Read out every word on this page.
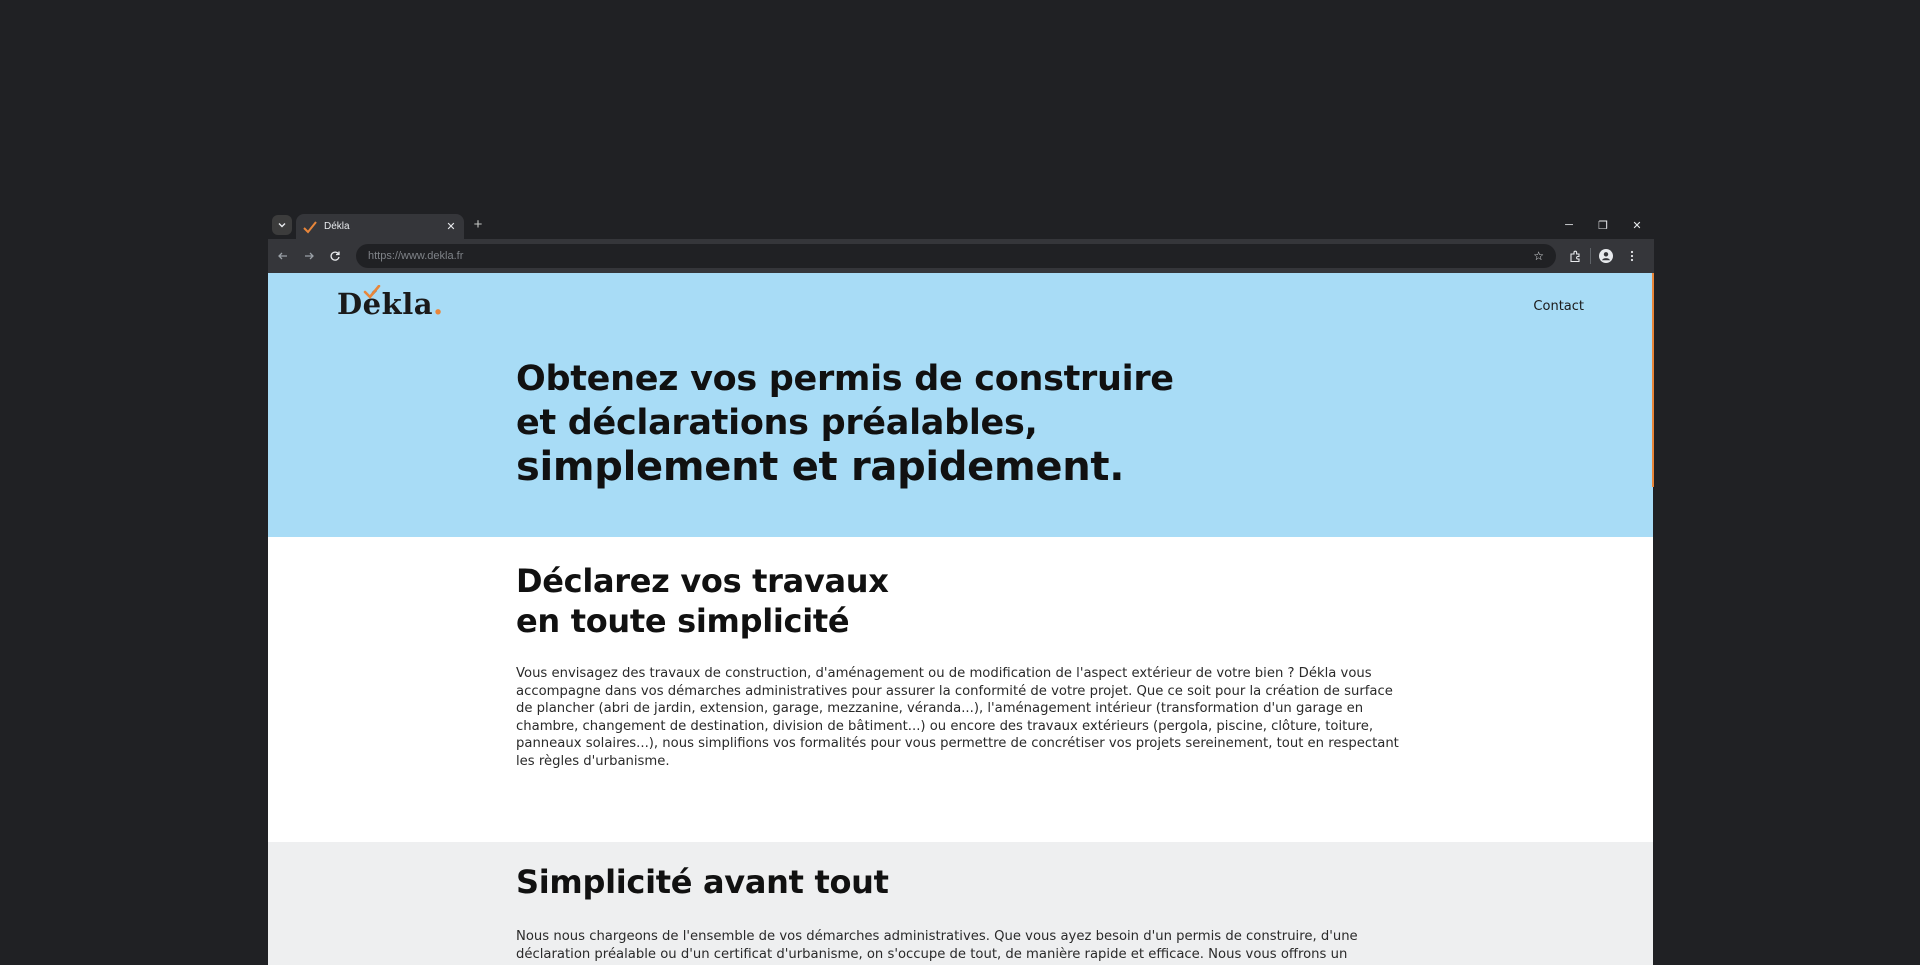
Dékla	✕	+	─	❐	✕
https://www.dekla.fr	☆
Dékla .	Contact
Obtenez vos permis de construire
et déclarations préalables,
simplement et rapidement.
Déclarez vos travaux
en toute simplicité

Vous envisagez des travaux de construction, d'aménagement ou de modification de l'aspect extérieur de votre bien ? Dékla vous accompagne dans vos démarches administratives pour assurer la conformité de votre projet. Que ce soit pour la création de surface de plancher (abri de jardin, extension, garage, mezzanine, véranda...), l'aménagement intérieur (transformation d'un garage en chambre, changement de destination, division de bâtiment...) ou encore des travaux extérieurs (pergola, piscine, clôture, toiture, panneaux solaires...), nous simplifions vos formalités pour vous permettre de concrétiser vos projets sereinement, tout en respectant les règles d'urbanisme.

Simplicité avant tout

Nous nous chargeons de l'ensemble de vos démarches administratives. Que vous ayez besoin d'un permis de construire, d'une déclaration préalable ou d'un certificat d'urbanisme, on s'occupe de tout, de manière rapide et efficace. Nous vous offrons un
